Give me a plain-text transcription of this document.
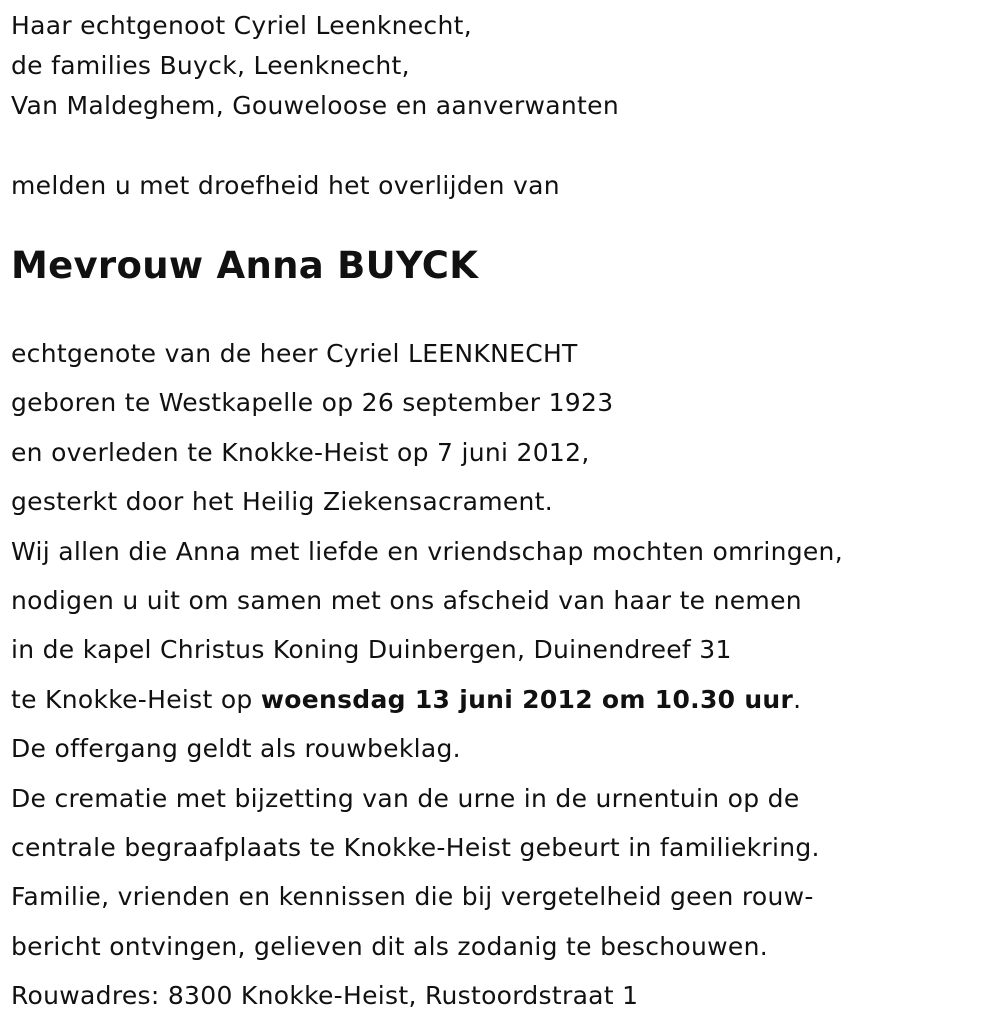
Haar echtgenoot Cyriel Leenknecht,
de families Buyck, Leenknecht,
Van Maldeghem, Gouweloose en aanverwanten
melden u met droefheid het overlijden van
Mevrouw Anna BUYCK
echtgenote van de heer Cyriel LEENKNECHT
geboren te Westkapelle op 26 september 1923
en overleden te Knokke-Heist op 7 juni 2012,
gesterkt door het Heilig Ziekensacrament.
Wij allen die Anna met liefde en vriendschap mochten omringen,
nodigen u uit om samen met ons afscheid van haar te nemen
in de kapel Christus Koning Duinbergen, Duinendreef 31
te Knokke-Heist op woensdag 13 juni 2012 om 10.30 uur.
De offergang geldt als rouwbeklag.
De crematie met bijzetting van de urne in de urnentuin op de
centrale begraafplaats te Knokke-Heist gebeurt in familiekring.
Familie, vrienden en kennissen die bij vergetelheid geen rouw-
bericht ontvingen, gelieven dit als zodanig te beschouwen.
Rouwadres: 8300 Knokke-Heist, Rustoordstraat 1
